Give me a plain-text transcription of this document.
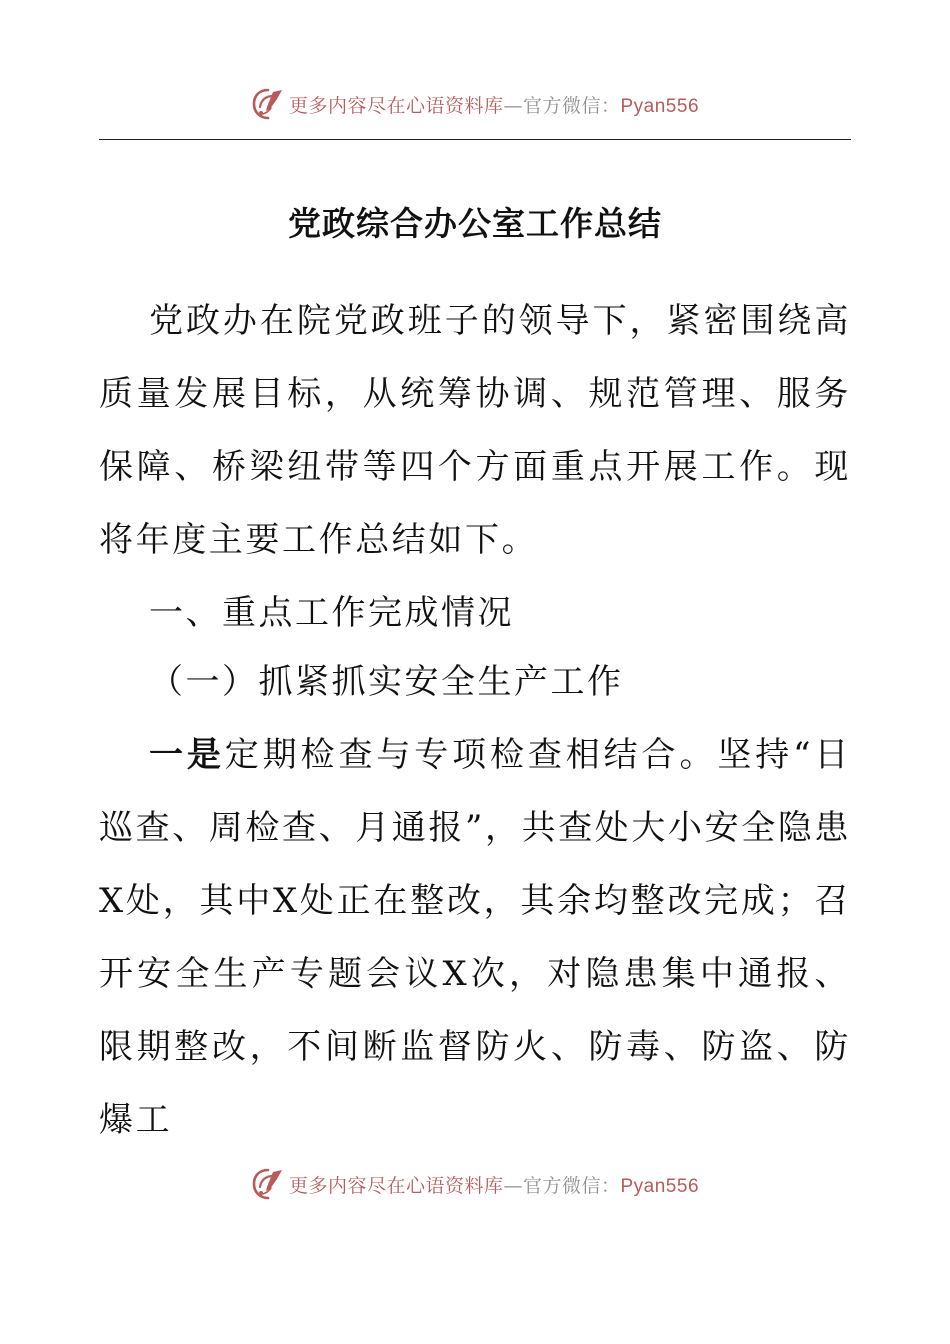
更多内容尽在心语资料库—官方微信：Pyan556
党政综合办公室工作总结

党政办在院党政班子的领导下，紧密围绕高质量发展目标，从统筹协调、规范管理、服务保障、桥梁纽带等四个方面重点开展工作。现将年度主要工作总结如下。

一、重点工作完成情况

（一）抓紧抓实安全生产工作

一是定期检查与专项检查相结合。坚持“日巡查、周检查、月通报”，共查处大小安全隐患X处，其中X处正在整改，其余均整改完成；召开安全生产专题会议X次，对隐患集中通报、限期整改，不间断监督防火、防毒、防盗、防爆工

更多内容尽在心语资料库—官方微信：Pyan556
